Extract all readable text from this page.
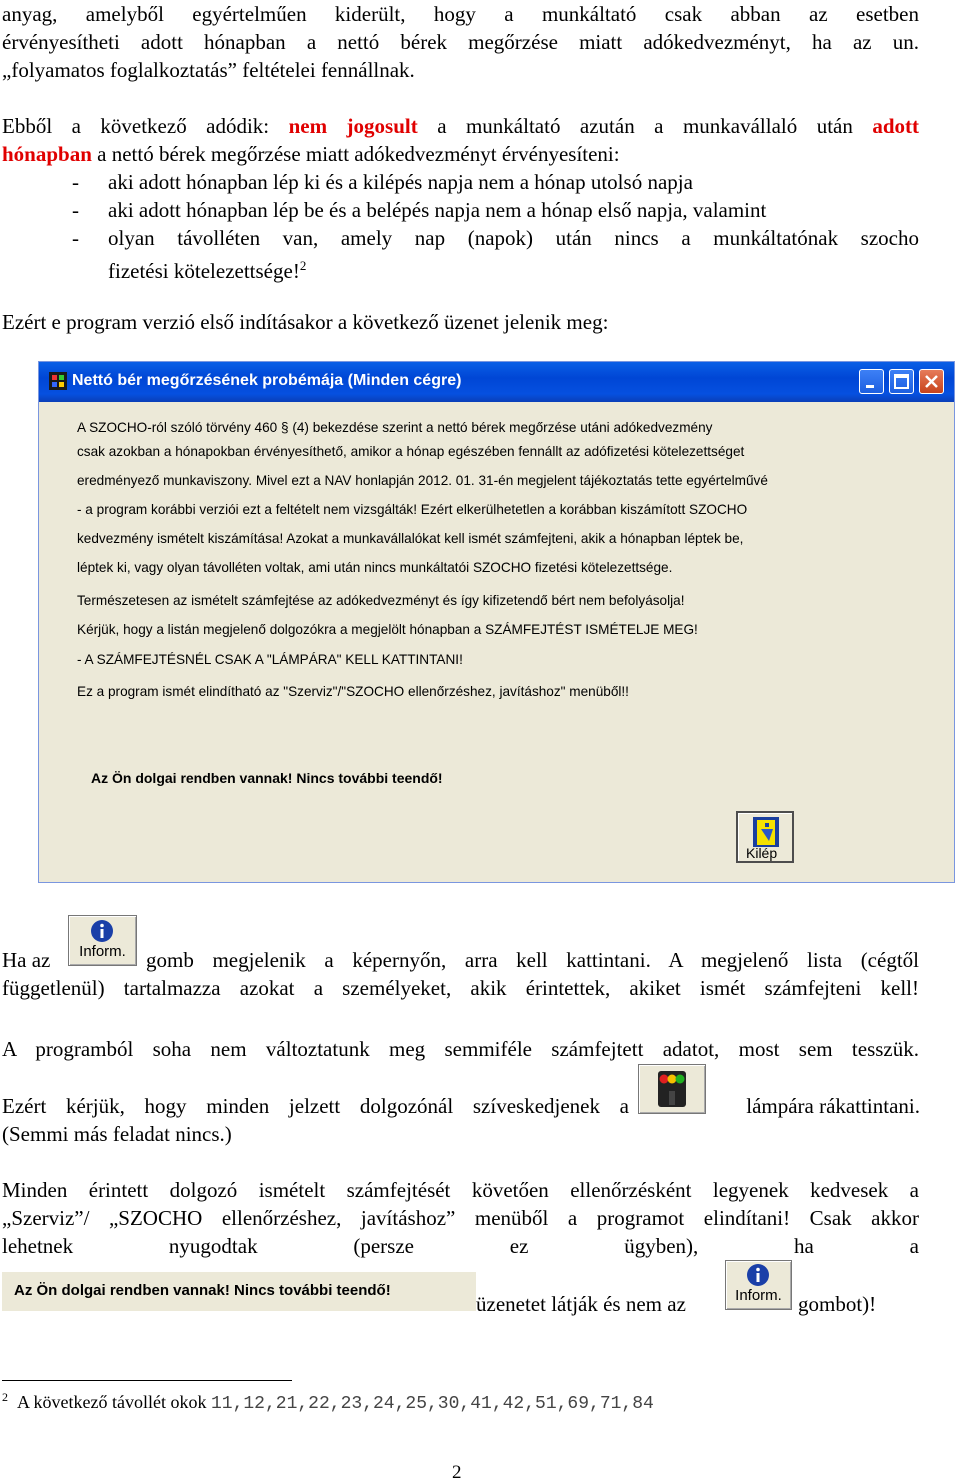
anyag, amelyből egyértelműen kiderült, hogy a munkáltató csak abban az esetben
érvényesítheti adott hónapban a nettó bérek megőrzése miatt adókedvezményt, ha az un.
„folyamatos foglalkoztatás” feltételei fennállnak.
Ebből a következő adódik: nem jogosult a munkáltató azután a munkavállaló után adott
hónapban a nettó bérek megőrzése miatt adókedvezményt érvényesíteni:
- aki adott hónapban lép ki és a kilépés napja nem a hónap utolsó napja
- aki adott hónapban lép be és a belépés napja nem a hónap első napja, valamint
- olyan távolléten van, amely nap (napok) után nincs a munkáltatónak szocho
fizetési kötelezettsége!$^2$
Ezért e program verzió első indításakor a következő üzenet jelenik meg:
Nettó bér megőrzésének probémája (Minden cégre)
A SZOCHO-ról szóló törvény 460 § (4) bekezdése szerint a nettó bérek megőrzése utáni adókedvezmény
csak azokban a hónapokban érvényesíthető, amikor a hónap egészében fennállt az adófizetési kötelezettséget
eredményező munkaviszony. Mivel ezt a NAV honlapján 2012. 01. 31-én megjelent tájékoztatás tette egyértelművé
- a program korábbi verziói ezt a feltételt nem vizsgálták! Ezért elkerülhetetlen a korábban kiszámított SZOCHO
kedvezmény ismételt kiszámítása! Azokat a munkavállalókat kell ismét számfejteni, akik a hónapban léptek be,
léptek ki, vagy olyan távolléten voltak, ami után nincs munkáltatói SZOCHO fizetési kötelezettsége.
Természetesen az ismételt számfejtése az adókedvezményt és így kifizetendő bért nem befolyásolja!
Kérjük, hogy a listán megjelenő dolgozókra a megjelölt hónapban a SZÁMFEJTÉST ISMÉTELJE MEG!
- A SZÁMFEJTÉSNÉL CSAK A "LÁMPÁRA" KELL KATTINTANI!
Ez a program ismét elindítható az "Szerviz"/"SZOCHO ellenőrzéshez, javításhoz" menüből!!
Az Ön dolgai rendben vannak! Nincs további teendő!
Kilép
Ha az	Inform. gomb megjelenik a képernyőn, arra kell kattintani. A megjelenő lista (cégtől
függetlenül) tartalmazza azokat a személyeket, akik érintettek, akiket ismét számfejteni kell!
A programból soha nem változtatunk meg semmiféle számfejtett adatot, most sem tesszük.
Ezért kérjük, hogy minden jelzett dolgozónál szíveskedjenek a	lámpára rákattintani.
(Semmi más feladat nincs.)
Minden érintett dolgozó ismételt számfejtését követően ellenőrzésként legyenek kedvesek a
„Szerviz”/ „SZOCHO ellenőrzéshez, javításhoz” menüből a programot elindítani! Csak akkor
lehetnek nyugodtak (persze ez ügyben), ha a
Az Ön dolgai rendben vannak! Nincs további teendő!
üzenetet látják és nem az	Inform. gombot)!
$^2$ A következő távollét okok 11,12,21,22,23,24,25,30,41,42,51,69,71,84
2
